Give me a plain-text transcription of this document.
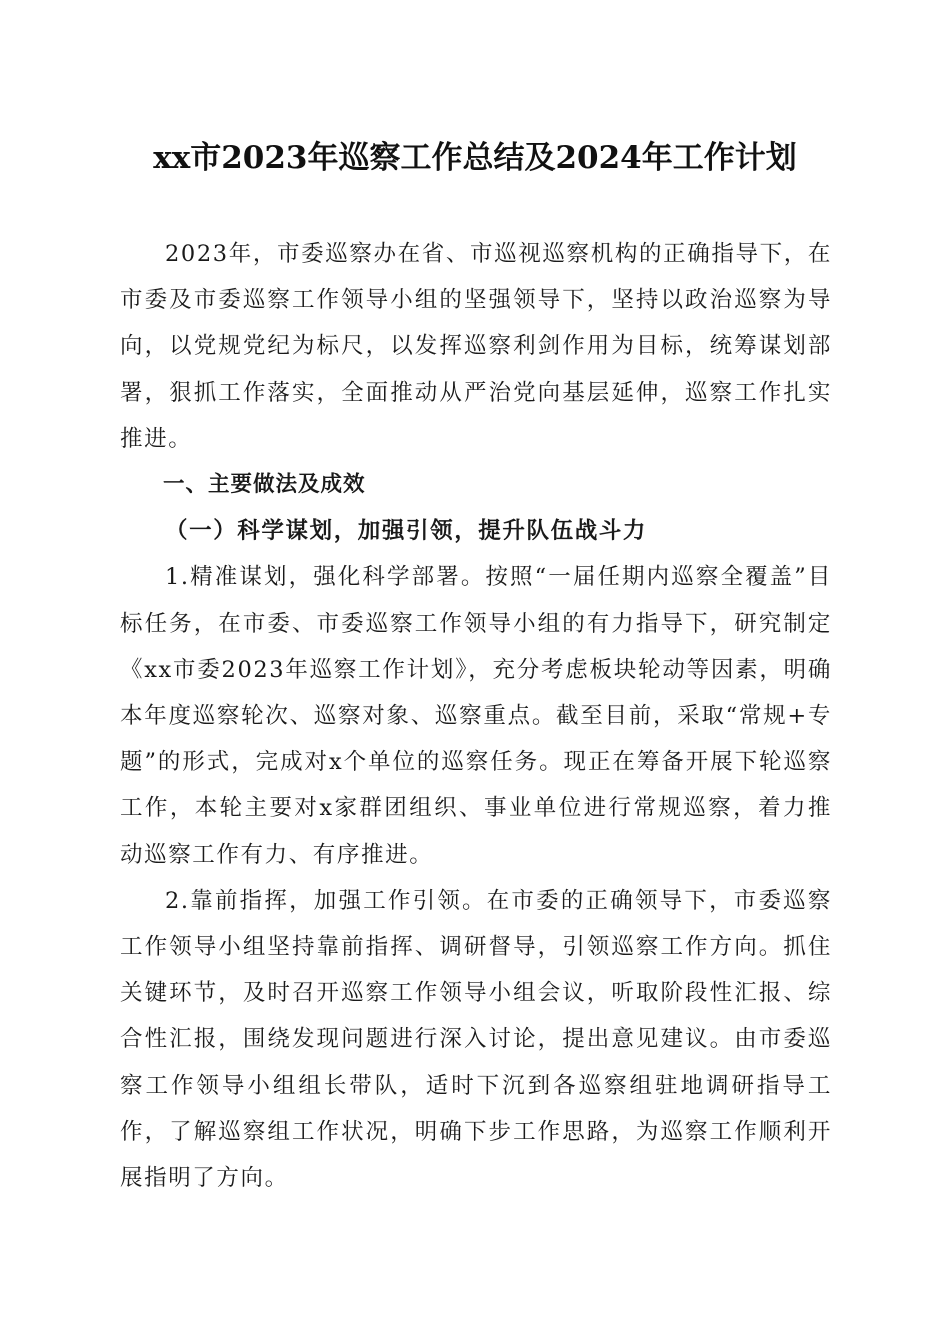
xx市2023年巡察工作总结及2024年工作计划

2023年，市委巡察办在省、市巡视巡察机构的正确指导下，在市委及市委巡察工作领导小组的坚强领导下，坚持以政治巡察为导向，以党规党纪为标尺，以发挥巡察利剑作用为目标，统筹谋划部署，狠抓工作落实，全面推动从严治党向基层延伸，巡察工作扎实推进。

一、主要做法及成效

（一）科学谋划，加强引领，提升队伍战斗力

1.精准谋划，强化科学部署。按照“一届任期内巡察全覆盖”目标任务，在市委、市委巡察工作领导小组的有力指导下，研究制定《xx市委2023年巡察工作计划》，充分考虑板块轮动等因素，明确本年度巡察轮次、巡察对象、巡察重点。截至目前，采取“常规+专题”的形式，完成对x个单位的巡察任务。现正在筹备开展下轮巡察工作，本轮主要对x家群团组织、事业单位进行常规巡察，着力推动巡察工作有力、有序推进。

2.靠前指挥，加强工作引领。在市委的正确领导下，市委巡察工作领导小组坚持靠前指挥、调研督导，引领巡察工作方向。抓住关键环节，及时召开巡察工作领导小组会议，听取阶段性汇报、综合性汇报，围绕发现问题进行深入讨论，提出意见建议。由市委巡察工作领导小组组长带队，适时下沉到各巡察组驻地调研指导工作，了解巡察组工作状况，明确下步工作思路，为巡察工作顺利开展指明了方向。
